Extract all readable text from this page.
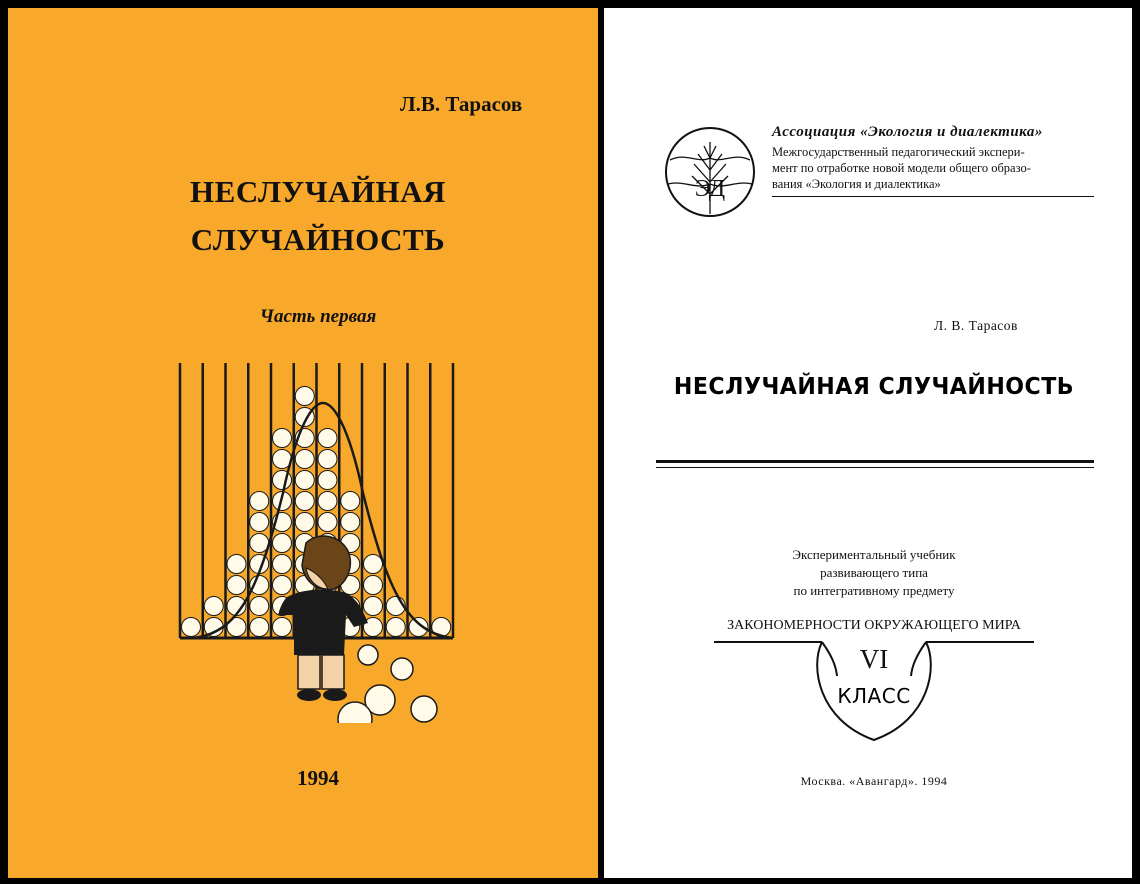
Л.В. Тарасов
НЕСЛУЧАЙНАЯ
СЛУЧАЙНОСТЬ
Часть первая
1994
ЭД
Ассоциация «Экология и диалектика»
Межгосударственный педагогический экспери-
мент по отработке новой модели общего образо-
вания «Экология и диалектика»
Л. В. Тарасов
НЕСЛУЧАЙНАЯ СЛУЧАЙНОСТЬ
Экспериментальный учебник
развивающего типа
по интегративному предмету
ЗАКОНОМЕРНОСТИ ОКРУЖАЮЩЕГО МИРА
VI
КЛАСС
Москва. «Авангард». 1994
